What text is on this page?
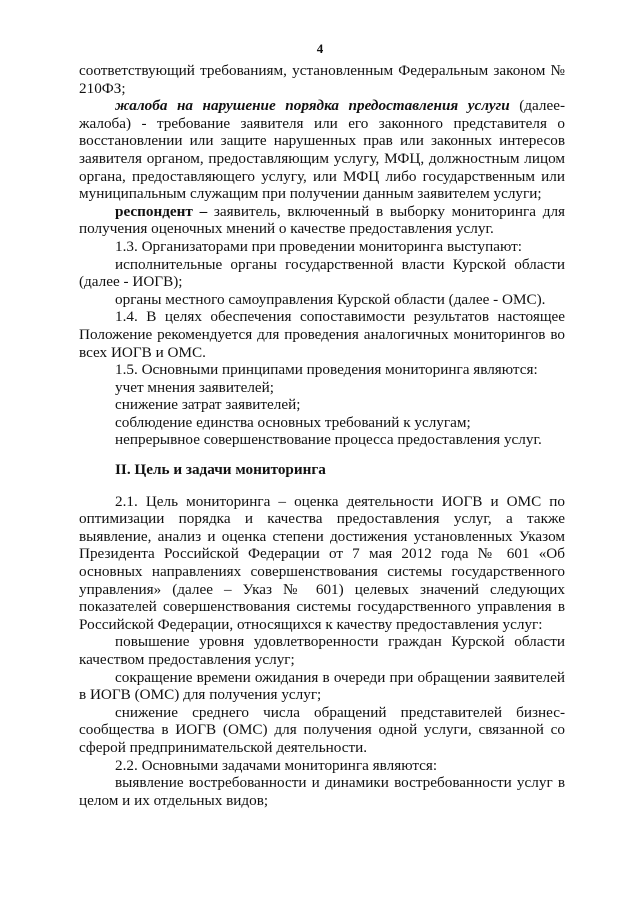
4

соответствующий требованиям, установленным Федеральным законом № 210ФЗ;

жалоба на нарушение порядка предоставления услуги (далее-жалоба) - требование заявителя или его законного представителя о восстановлении или защите нарушенных прав или законных интересов заявителя органом, предоставляющим услугу, МФЦ, должностным лицом органа, предоставляющего услугу, или МФЦ либо государственным или муниципальным служащим при получении данным заявителем услуги;

респондент – заявитель, включенный в выборку мониторинга для получения оценочных мнений о качестве предоставления услуг.

1.3. Организаторами при проведении мониторинга выступают:

исполнительные органы государственной власти Курской области (далее - ИОГВ);

органы местного самоуправления Курской области (далее - ОМС).

1.4. В целях обеспечения сопоставимости результатов настоящее Положение рекомендуется для проведения аналогичных мониторингов во всех ИОГВ и ОМС.

1.5. Основными принципами проведения мониторинга являются:

учет мнения заявителей;

снижение затрат заявителей;

соблюдение единства основных требований к услугам;

непрерывное совершенствование процесса предоставления услуг.

II. Цель и задачи мониторинга

2.1. Цель мониторинга – оценка деятельности ИОГВ и ОМС по оптимизации порядка и качества предоставления услуг, а также выявление, анализ и оценка степени достижения установленных Указом Президента Российской Федерации от 7 мая 2012 года № 601 «Об основных направлениях совершенствования системы государственного управления» (далее – Указ № 601) целевых значений следующих показателей совершенствования системы государственного управления в Российской Федерации, относящихся к качеству предоставления услуг:

повышение уровня удовлетворенности граждан Курской области качеством предоставления услуг;

сокращение времени ожидания в очереди при обращении заявителей в ИОГВ (ОМС) для получения услуг;

снижение среднего числа обращений представителей бизнес-сообщества в ИОГВ (ОМС) для получения одной услуги, связанной со сферой предпринимательской деятельности.

2.2. Основными задачами мониторинга являются:

выявление востребованности и динамики востребованности услуг в целом и их отдельных видов;
